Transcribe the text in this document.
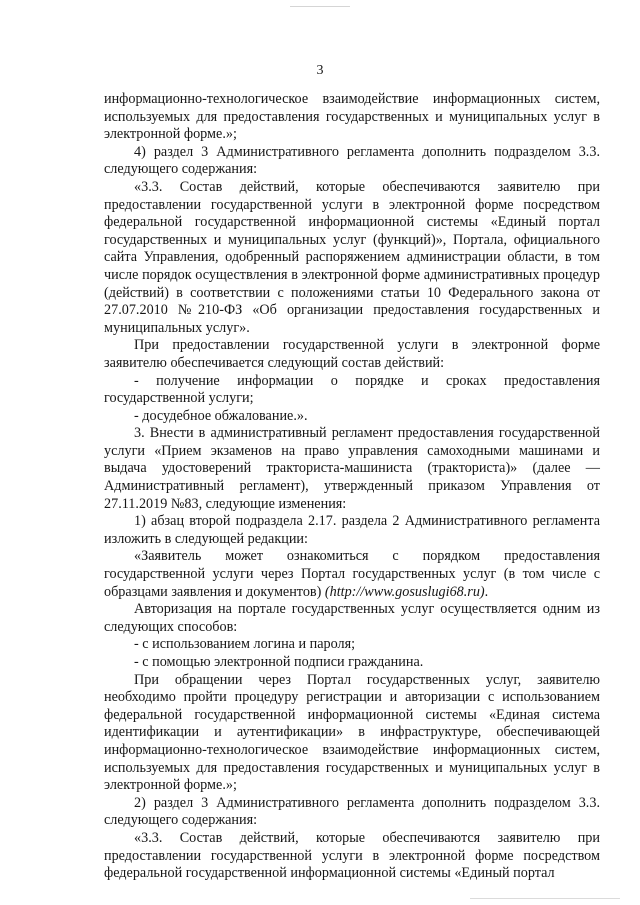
3

информационно-технологическое взаимодействие информационных систем, используемых для предоставления государственных и муниципальных услуг в электронной форме.»;

4) раздел 3 Административного регламента дополнить подразделом 3.3. следующего содержания:

«3.3. Состав действий, которые обеспечиваются заявителю при предоставлении государственной услуги в электронной форме посредством федеральной государственной информационной системы «Единый портал государственных и муниципальных услуг (функций)», Портала, официального сайта Управления, одобренный распоряжением администрации области, в том числе порядок осуществления в электронной форме административных процедур (действий) в соответствии с положениями статьи 10 Федерального закона от 27.07.2010 №210-ФЗ «Об организации предоставления государственных и муниципальных услуг».

При предоставлении государственной услуги в электронной форме заявителю обеспечивается следующий состав действий:

- получение информации о порядке и сроках предоставления государственной услуги;

- досудебное обжалование.».

3. Внести в административный регламент предоставления государственной услуги «Прием экзаменов на право управления самоходными машинами и выдача удостоверений тракториста-машиниста (тракториста)» (далее — Административный регламент), утвержденный приказом Управления от 27.11.2019 №83, следующие изменения:

1) абзац второй подраздела 2.17. раздела 2 Административного регламента изложить в следующей редакции:

«Заявитель может ознакомиться с порядком предоставления государственной услуги через Портал государственных услуг (в том числе с образцами заявления и документов) (http://www.gosuslugi68.ru).

Авторизация на портале государственных услуг осуществляется одним из следующих способов:

- с использованием логина и пароля;

- с помощью электронной подписи гражданина.

При обращении через Портал государственных услуг, заявителю необходимо пройти процедуру регистрации и авторизации с использованием федеральной государственной информационной системы «Единая система идентификации и аутентификации» в инфраструктуре, обеспечивающей информационно-технологическое взаимодействие информационных систем, используемых для предоставления государственных и муниципальных услуг в электронной форме.»;

2) раздел 3 Административного регламента дополнить подразделом 3.3. следующего содержания:

«3.3. Состав действий, которые обеспечиваются заявителю при предоставлении государственной услуги в электронной форме посредством федеральной государственной информационной системы «Единый портал
